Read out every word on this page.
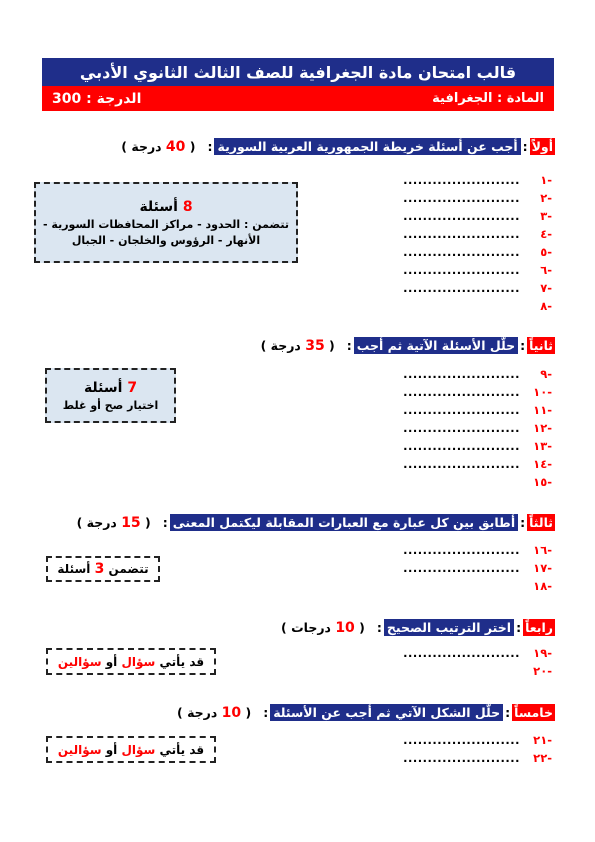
قالب امتحان مادة الجغرافية للصف الثالث الثانوي الأدبي
المادة : الجغرافية
الدرجة : 300
أولاً
:
أجب عن أسئلة خريطة الجمهورية العربية السورية
:
( 40 درجة )
8 أسئلة
تتضمن : الحدود - مراكز المحافظات السورية -
الأنهار - الرؤوس والخلجان - الجبال
ثانياً
:
حلّل الأسئلة الآتية ثم أجب
:
( 35 درجة )
7 أسئلة
اختيار صح أو غلط
ثالثاً
:
أطابق بين كل عبارة مع العبارات المقابلة ليكتمل المعنى
:
( 15 درجة )
تتضمن 3 أسئلة
رابعاً
:
اختر الترتيب الصحيح
:
( 10 درجات )
قد يأتي سؤال أو سؤالين
خامساً
:
حلّل الشكل الآتي ثم أجب عن الأسئلة
:
( 10 درجة )
قد يأتي سؤال أو سؤالين
-١
........................
-٢
........................
-٣
........................
-٤
........................
-٥
........................
-٦
........................
-٧
........................
-٨
-٩
........................
-١٠
........................
-١١
........................
-١٢
........................
-١٣
........................
-١٤
........................
-١٥
-١٦
........................
-١٧
........................
-١٨
-١٩
........................
-٢٠
-٢١
........................
-٢٢
........................
